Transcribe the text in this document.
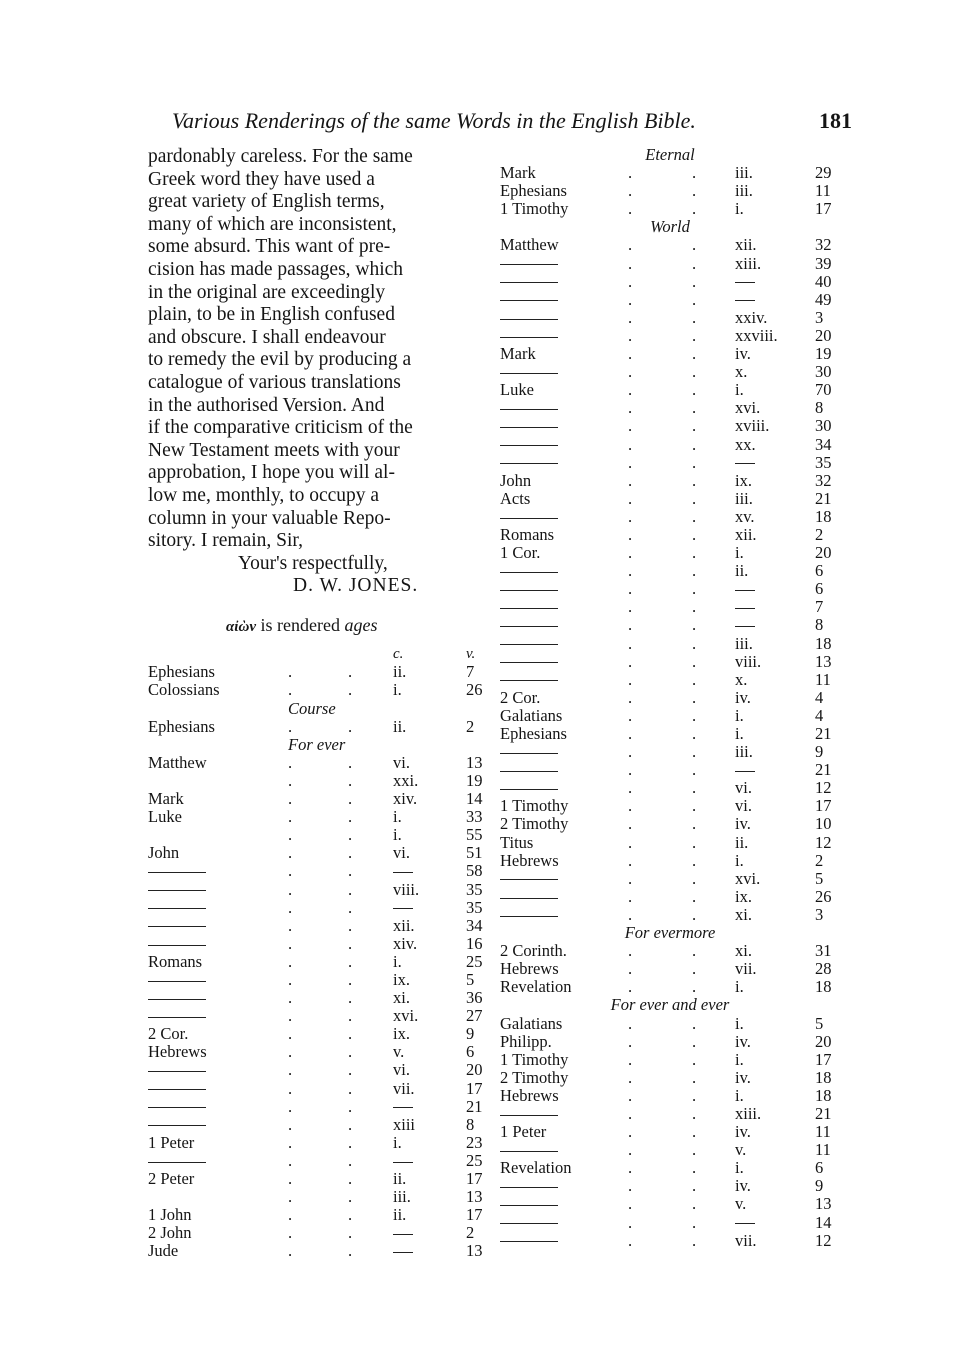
Various Renderings of the same Words in the English Bible.	181
pardonably careless. For the same
Greek word they have used a
great variety of English terms,
many of which are inconsistent,
some absurd. This want of pre-
cision has made passages, which
in the original are exceedingly
plain, to be in English confused
and obscure. I shall endeavour
to remedy the evil by producing a
catalogue of various translations
in the authorised Version. And
if the comparative criticism of the
New Testament meets with your
approbation, I hope you will al-
low me, monthly, to occupy a
column in your valuable Repo-
sitory. I remain, Sir,
Your's respectfully,
D. W. JONES.
αἰὼν is rendered ages
c.	v.
Ephesians	.	. ii.	7
Colossians	.	. i.	26
Course
Ephesians	.	. ii.	2
For ever
Matthew	.	. vi.	13
.	. xxi.	19
Mark	.	. xiv.	14
Luke	.	. i.	33
.	. i.	55
John	.	. vi.	51
.	.	58
.	. viii.	35
.	.	35
.	. xii.	34
.	. xiv.	16
Romans	.	. i.	25
.	. ix.	5
.	. xi.	36
.	. xvi.	27
2 Cor.	.	. ix.	9
Hebrews	.	. v.	6
.	. vi.	20
.	. vii.	17
.	.	21
.	. xiii	8
1 Peter	.	. i.	23
.	.	25
2 Peter	.	. ii.	17
.	. iii.	13
1 John	.	. ii.	17
2 John	.	.	2
Jude	.	.	13
Eternal
Mark	.	. iii.	29
Ephesians	.	. iii.	11
1 Timothy	.	. i.	17
World
Matthew	.	. xii.	32
.	. xiii.	39
.	.	40
.	.	49
.	. xxiv.	3
.	. xxviii. 20
Mark	.	. iv.	19
.	. x.	30
Luke	.	. i.	70
.	. xvi.	8
.	. xviii.	30
.	. xx.	34
.	.	35
John	.	. ix.	32
Acts	.	. iii.	21
.	. xv.	18
Romans	.	. xii.	2
1 Cor.	.	. i.	20
.	. ii.	6
.	.	6
.	.	7
.	.	8
.	. iii.	18
.	. viii.	13
.	. x.	11
2 Cor.	.	. iv.	4
Galatians	.	. i.	4
Ephesians	.	. i.	21
.	. iii.	9
.	.	21
.	. vi.	12
1 Timothy	.	. vi.	17
2 Timothy	.	. iv.	10
Titus	.	. ii.	12
Hebrews	.	. i.	2
.	. xvi.	5
.	. ix.	26
.	. xi.	3
For evermore
2 Corinth.	.	. xi.	31
Hebrews	.	. vii.	28
Revelation	.	. i.	18
For ever and ever
Galatians	.	. i.	5
Philipp.	.	. iv.	20
1 Timothy	.	. i.	17
2 Timothy	.	. iv.	18
Hebrews	.	. i.	18
.	. xiii.	21
1 Peter	.	. iv.	11
.	. v.	11
Revelation	.	. i.	6
.	. iv.	9
.	. v.	13
.	.	14
.	. vii.	12
